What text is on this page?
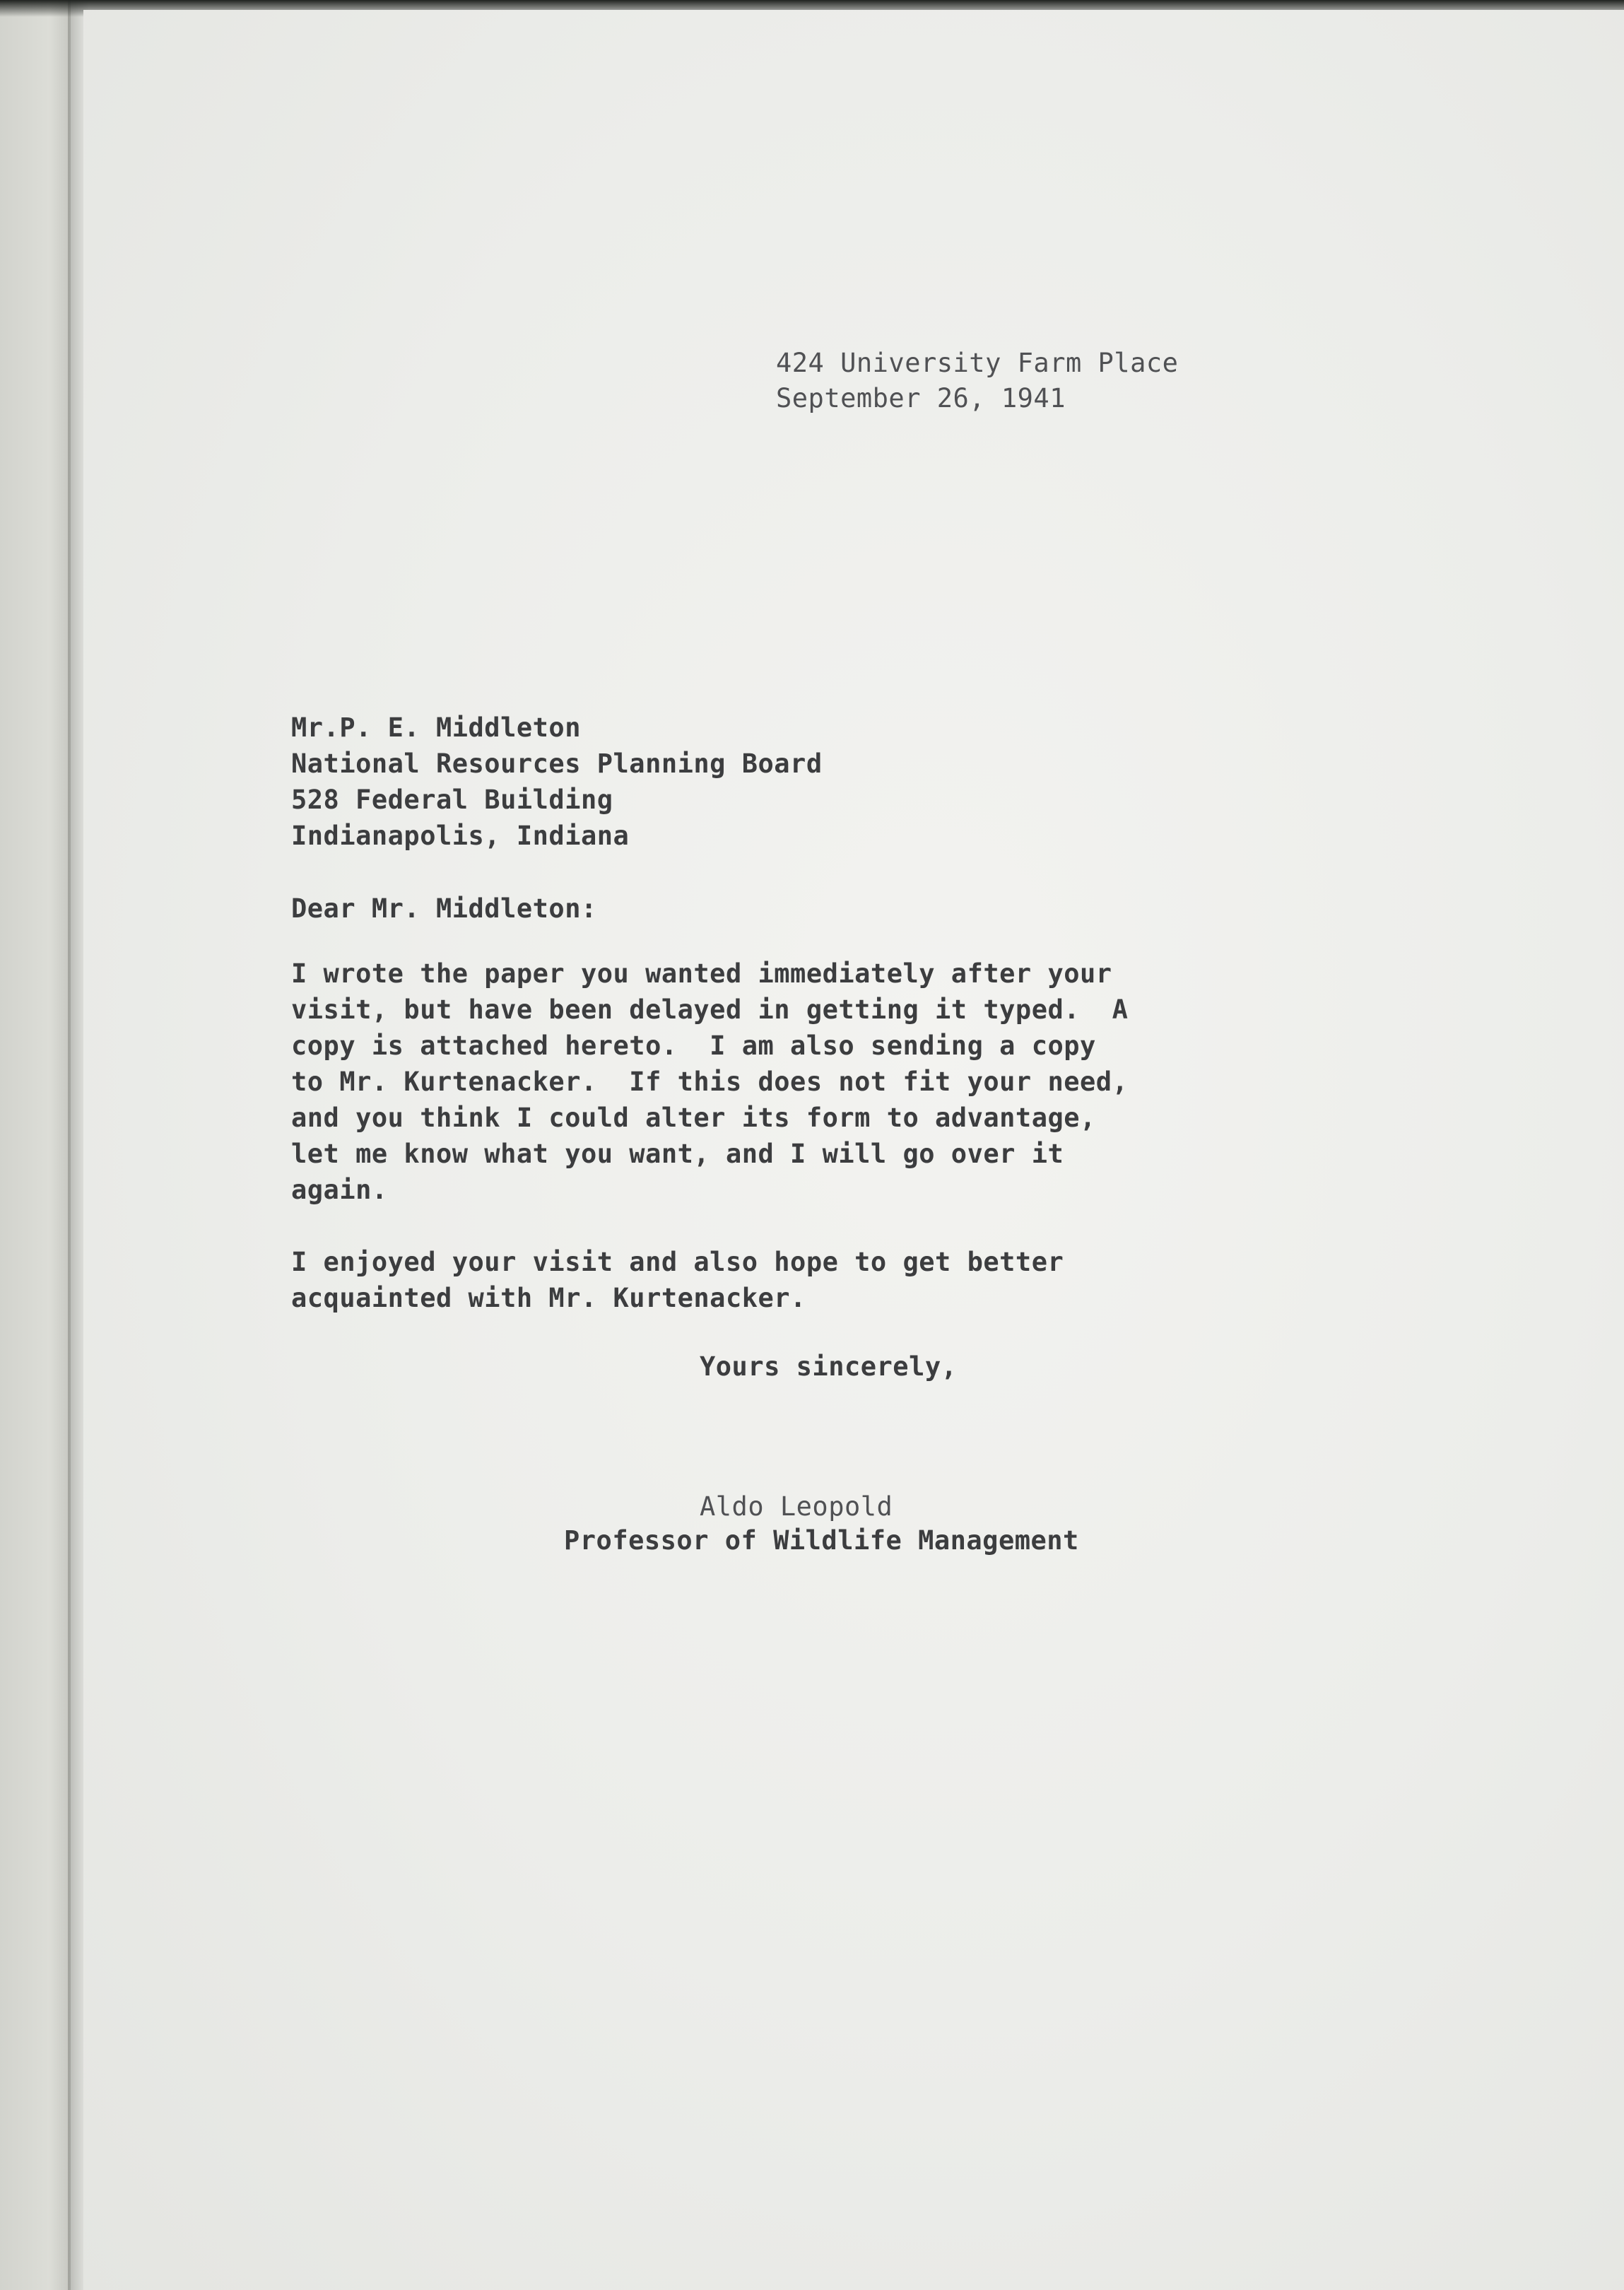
424 University Farm Place

September 26, 1941

Mr.P. E. Middleton

National Resources Planning Board

528 Federal Building

Indianapolis, Indiana

Dear Mr. Middleton:

I wrote the paper you wanted immediately after your

visit, but have been delayed in getting it typed.  A

copy is attached hereto.  I am also sending a copy

to Mr. Kurtenacker.  If this does not fit your need,

and you think I could alter its form to advantage,

let me know what you want, and I will go over it

again.

I enjoyed your visit and also hope to get better

acquainted with Mr. Kurtenacker.

Yours sincerely,

Aldo Leopold

Professor of Wildlife Management
